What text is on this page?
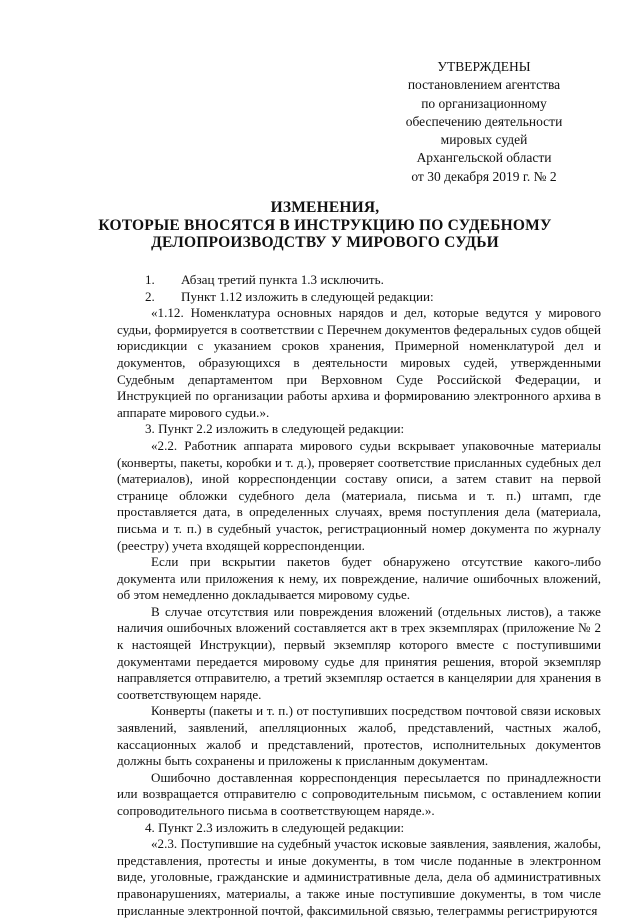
УТВЕРЖДЕНЫ
постановлением агентства
по организационному
обеспечению деятельности
мировых судей
Архангельской области
от 30 декабря 2019 г. № 2
ИЗМЕНЕНИЯ,
КОТОРЫЕ ВНОСЯТСЯ В ИНСТРУКЦИЮ ПО СУДЕБНОМУ
ДЕЛОПРОИЗВОДСТВУ У МИРОВОГО СУДЬИ

1.        Абзац третий пункта 1.3 исключить.

2.        Пункт 1.12 изложить в следующей редакции:

«1.12. Номенклатура основных нарядов и дел, которые ведутся у мирового судьи, формируется в соответствии с Перечнем документов федеральных судов общей юрисдикции с указанием сроков хранения, Примерной номенклатурой дел и документов, образующихся в деятельности мировых судей, утвержденными Судебным департаментом при Верховном Суде Российской Федерации, и Инструкцией по организации работы архива и формированию электронного архива в аппарате мирового судьи.».

3. Пункт 2.2 изложить в следующей редакции:

«2.2. Работник аппарата мирового судьи вскрывает упаковочные материалы (конверты, пакеты, коробки и т. д.), проверяет соответствие присланных судебных дел (материалов), иной корреспонденции составу описи, а затем ставит на первой странице обложки судебного дела (материала, письма и т. п.) штамп, где проставляется дата, в определенных случаях, время поступления дела (материала, письма и т. п.) в судебный участок, регистрационный номер документа по журналу (реестру) учета входящей корреспонденции.

Если при вскрытии пакетов будет обнаружено отсутствие какого-либо документа или приложения к нему, их повреждение, наличие ошибочных вложений, об этом немедленно докладывается мировому судье.

В случае отсутствия или повреждения вложений (отдельных листов), а также наличия ошибочных вложений составляется акт в трех экземплярах (приложение № 2 к настоящей Инструкции), первый экземпляр которого вместе с поступившими документами передается мировому судье для принятия решения, второй экземпляр направляется отправителю, а третий экземпляр остается в канцелярии для хранения в соответствующем наряде.

Конверты (пакеты и т. п.) от поступивших посредством почтовой связи исковых заявлений, заявлений, апелляционных жалоб, представлений, частных жалоб, кассационных жалоб и представлений, протестов, исполнительных документов должны быть сохранены и приложены к присланным документам.

Ошибочно доставленная корреспонденция пересылается по принадлежности или возвращается отправителю с сопроводительным письмом, с оставлением копии сопроводительного письма в соответствующем наряде.».

4. Пункт 2.3 изложить в следующей редакции:

«2.3. Поступившие на судебный участок исковые заявления, заявления, жалобы, представления, протесты и иные документы, в том числе поданные в электронном виде, уголовные, гражданские и административные дела, дела об административных правонарушениях, материалы, а также иные поступившие документы, в том числе присланные электронной почтой, факсимильной связью, телеграммы регистрируются
